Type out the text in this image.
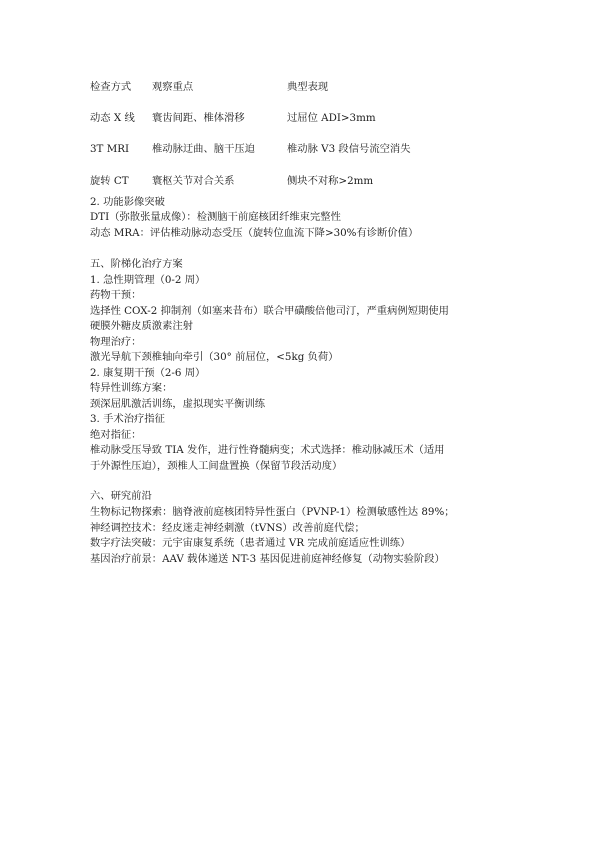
检查方式 观察重点	典型表现
动态 X 线 寰齿间距、椎体滑移	过屈位 ADI>3mm
3T MRI 椎动脉迂曲、脑干压迫	椎动脉 V3 段信号流空消失
旋转 CT 寰枢关节对合关系	侧块不对称>2mm
2. 功能影像突破
DTI（弥散张量成像）：检测脑干前庭核团纤维束完整性
动态 MRA：评估椎动脉动态受压（旋转位血流下降>30%有诊断价值）
五、阶梯化治疗方案
1. 急性期管理（0-2 周）
药物干预：
选择性 COX-2 抑制剂（如塞来昔布）联合甲磺酸倍他司汀，严重病例短期使用
硬膜外糖皮质激素注射
物理治疗：
激光导航下颈椎轴向牵引（30° 前屈位，<5kg 负荷）
2. 康复期干预（2-6 周）
特异性训练方案：
颈深屈肌激活训练，虚拟现实平衡训练
3. 手术治疗指征
绝对指征：
椎动脉受压导致 TIA 发作，进行性脊髓病变；术式选择：椎动脉减压术（适用
于外源性压迫），颈椎人工间盘置换（保留节段活动度）
六、研究前沿
生物标记物探索：脑脊液前庭核团特异性蛋白（PVNP-1）检测敏感性达 89%；
神经调控技术：经皮迷走神经刺激（tVNS）改善前庭代偿；
数字疗法突破：元宇宙康复系统（患者通过 VR 完成前庭适应性训练）
基因治疗前景：AAV 载体递送 NT-3 基因促进前庭神经修复（动物实验阶段）
